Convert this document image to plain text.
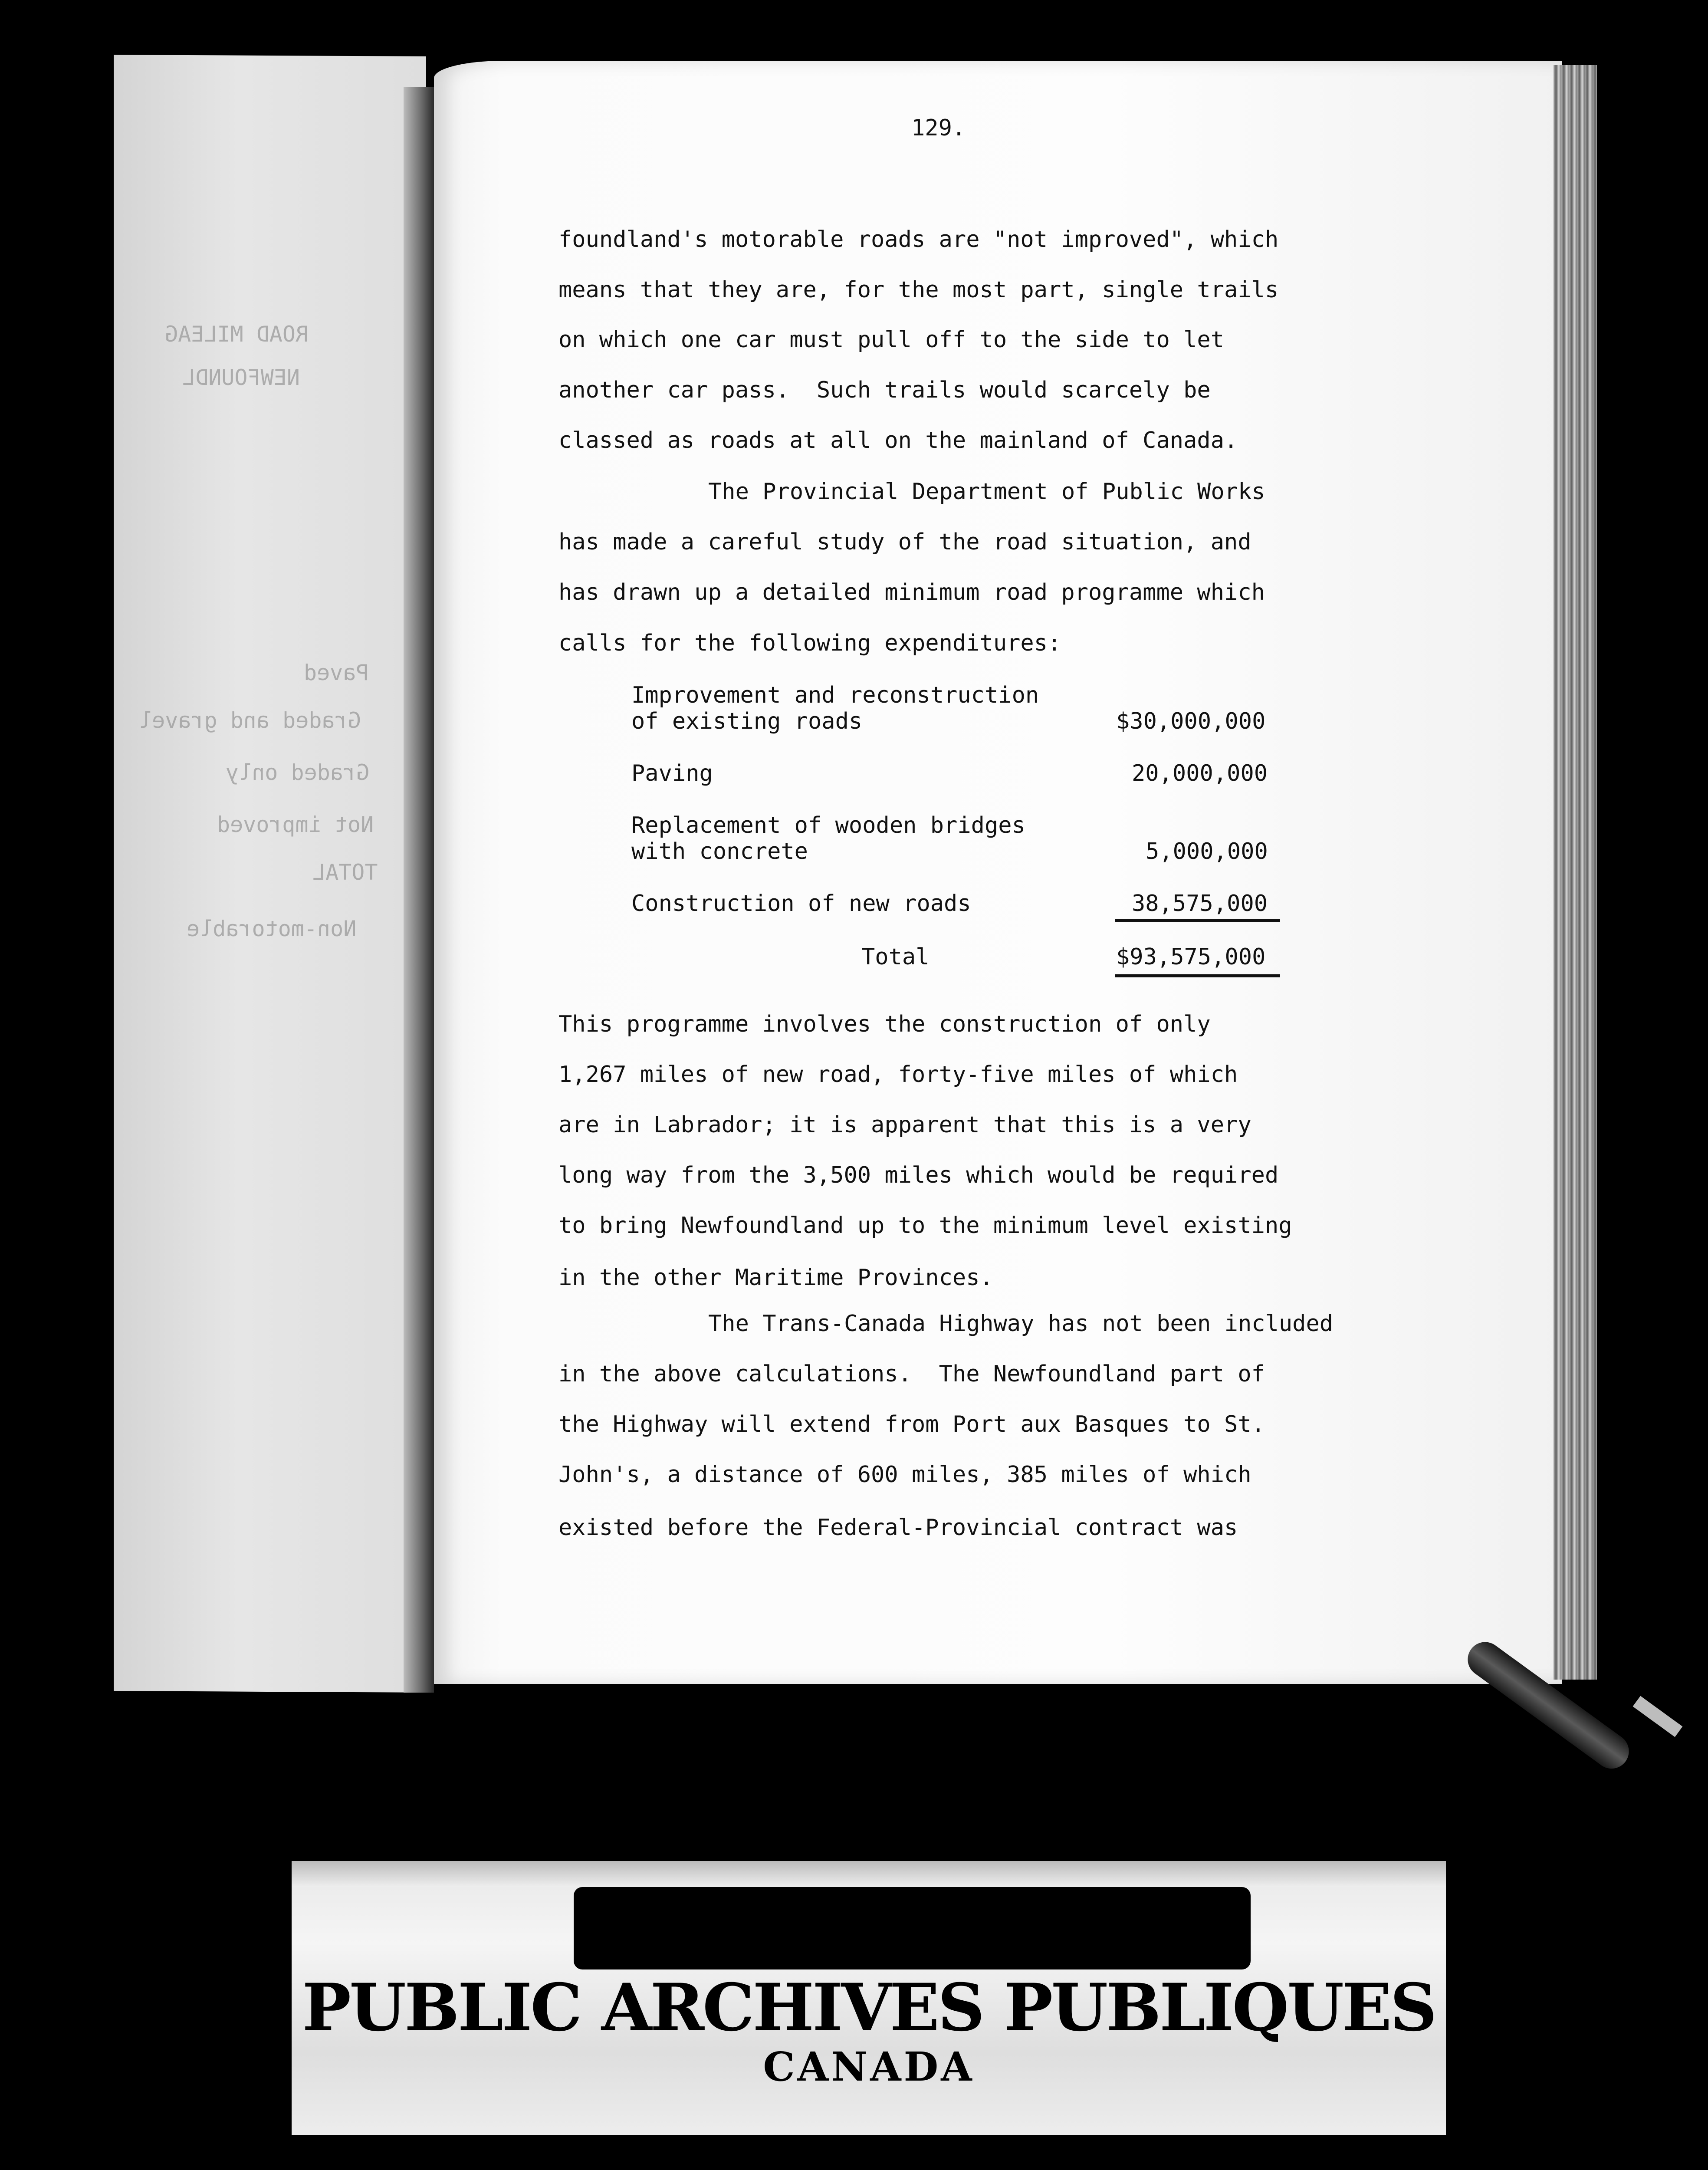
ROAD MILEAG
NEWFOUNDL
Paved
Graded and gravel
Graded only
Not improved
TOTAL
Non-motorable
129.
foundland's motorable roads are "not improved", which
means that they are, for the most part, single trails
on which one car must pull off to the side to let
another car pass.  Such trails would scarcely be
classed as roads at all on the mainland of Canada.
The Provincial Department of Public Works
has made a careful study of the road situation, and
has drawn up a detailed minimum road programme which
calls for the following expenditures:
Improvement and reconstruction
of existing roads	$30,000,000
Paving	20,000,000
Replacement of wooden bridges
with concrete	5,000,000
Construction of new roads	38,575,000
Total	$93,575,000
This programme involves the construction of only
1,267 miles of new road, forty-five miles of which
are in Labrador; it is apparent that this is a very
long way from the 3,500 miles which would be required
to bring Newfoundland up to the minimum level existing
in the other Maritime Provinces.
The Trans-Canada Highway has not been included
in the above calculations.  The Newfoundland part of
the Highway will extend from Port aux Basques to St.
John's, a distance of 600 miles, 385 miles of which
existed before the Federal-Provincial contract was
PUBLIC ARCHIVES PUBLIQUES
CANADA
